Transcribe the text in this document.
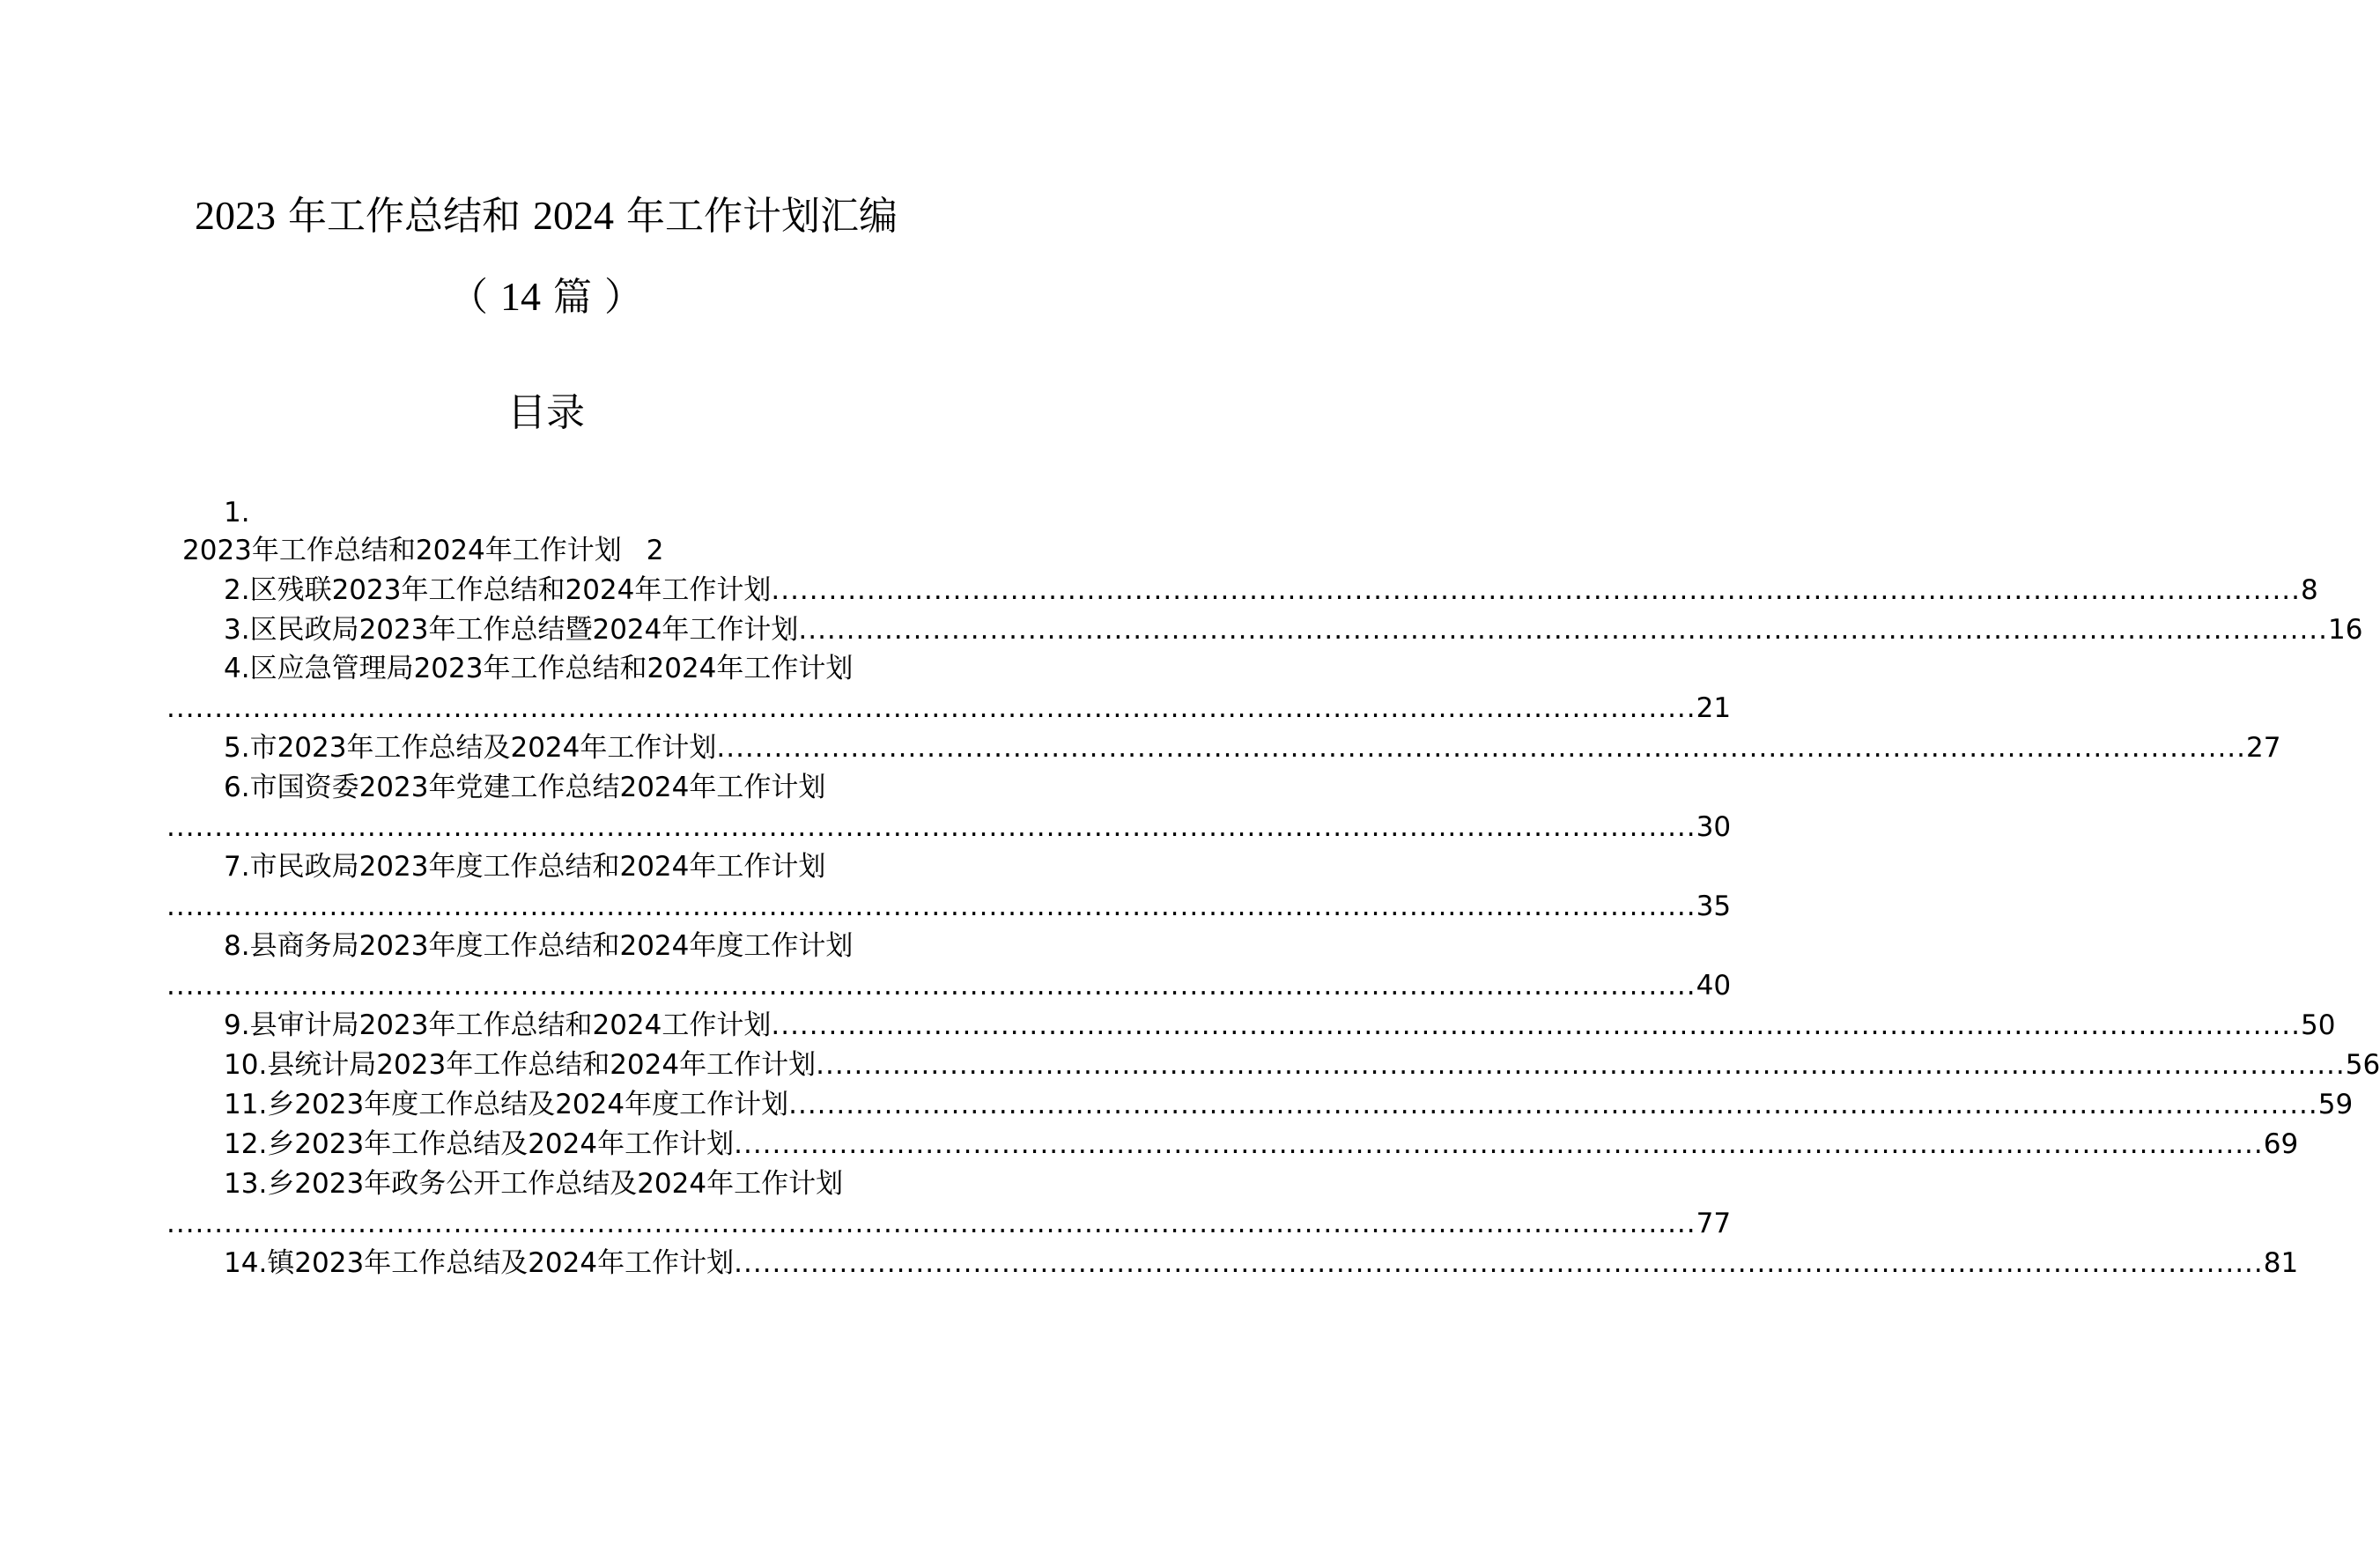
2023 年工作总结和 2024 年工作计划汇编
（ 14 篇 ）
目录
1.
2023年工作总结和2024年工作计划 2
2. 区残联2023年工作总结和2024年工作计划 ................................................................................................................................................................ 8
3. 区民政局2023年工作总结暨2024年工作计划 ................................................................................................................................................................ 16
4.区应急管理局2023年工作总结和2024年工作计划
................................................................................................................................................................ 21
5. 市2023年工作总结及2024年工作计划 ................................................................................................................................................................ 27
6.市国资委2023年党建工作总结2024年工作计划
................................................................................................................................................................ 30
7.市民政局2023年度工作总结和2024年工作计划
................................................................................................................................................................ 35
8.县商务局2023年度工作总结和2024年度工作计划
................................................................................................................................................................ 40
9. 县审计局2023年工作总结和2024工作计划 ................................................................................................................................................................ 50
10. 县统计局2023年工作总结和2024年工作计划 ................................................................................................................................................................ 56
11. 乡2023年度工作总结及2024年度工作计划 ................................................................................................................................................................ 59
12. 乡2023年工作总结及2024年工作计划 ................................................................................................................................................................ 69
13.乡2023年政务公开工作总结及2024年工作计划
................................................................................................................................................................ 77
14. 镇2023年工作总结及2024年工作计划 ................................................................................................................................................................ 81
